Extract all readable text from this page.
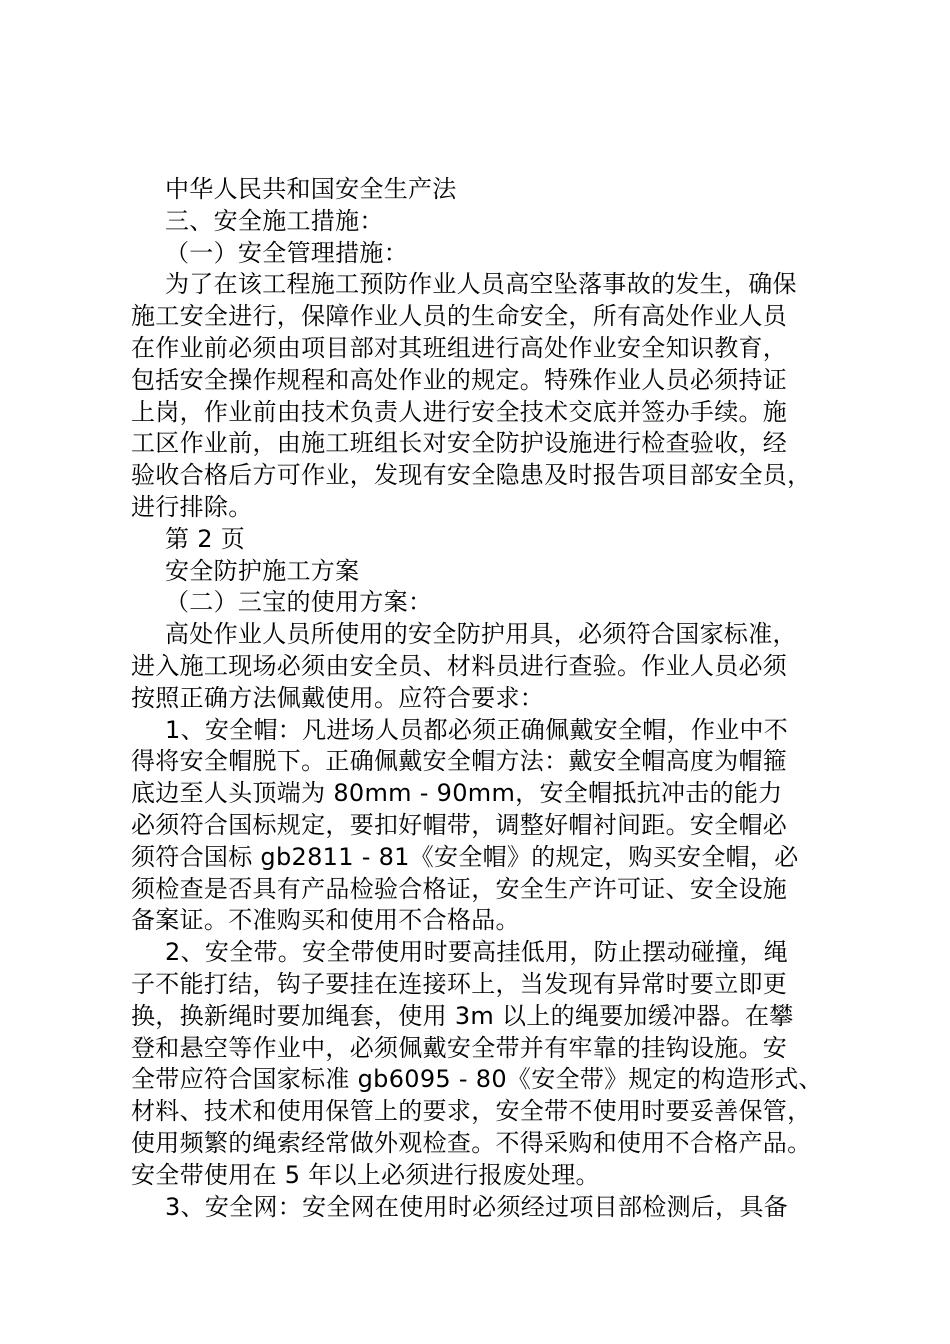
中华人民共和国安全生产法
三、安全施工措施：
（一）安全管理措施：
为了在该工程施工预防作业人员高空坠落事故的发生，确保
施工安全进行，保障作业人员的生命安全，所有高处作业人员
在作业前必须由项目部对其班组进行高处作业安全知识教育，
包括安全操作规程和高处作业的规定。特殊作业人员必须持证
上岗，作业前由技术负责人进行安全技术交底并签办手续。施
工区作业前，由施工班组长对安全防护设施进行检查验收，经
验收合格后方可作业，发现有安全隐患及时报告项目部安全员，
进行排除。
第 2 页
安全防护施工方案
（二）三宝的使用方案：
高处作业人员所使用的安全防护用具，必须符合国家标准，
进入施工现场必须由安全员、材料员进行查验。作业人员必须
按照正确方法佩戴使用。应符合要求：
1、安全帽：凡进场人员都必须正确佩戴安全帽，作业中不
得将安全帽脱下。正确佩戴安全帽方法：戴安全帽高度为帽箍
底边至人头顶端为 80mm - 90mm，安全帽抵抗冲击的能力
必须符合国标规定，要扣好帽带，调整好帽衬间距。安全帽必
须符合国标 gb2811 - 81《安全帽》的规定，购买安全帽，必
须检查是否具有产品检验合格证，安全生产许可证、安全设施
备案证。不准购买和使用不合格品。
2、安全带。安全带使用时要高挂低用，防止摆动碰撞，绳
子不能打结，钩子要挂在连接环上，当发现有异常时要立即更
换，换新绳时要加绳套，使用 3m 以上的绳要加缓冲器。在攀
登和悬空等作业中，必须佩戴安全带并有牢靠的挂钩设施。安
全带应符合国家标准 gb6095 - 80《安全带》规定的构造形式、
材料、技术和使用保管上的要求，安全带不使用时要妥善保管，
使用频繁的绳索经常做外观检查。不得采购和使用不合格产品。
安全带使用在 5 年以上必须进行报废处理。
3、安全网：安全网在使用时必须经过项目部检测后，具备
